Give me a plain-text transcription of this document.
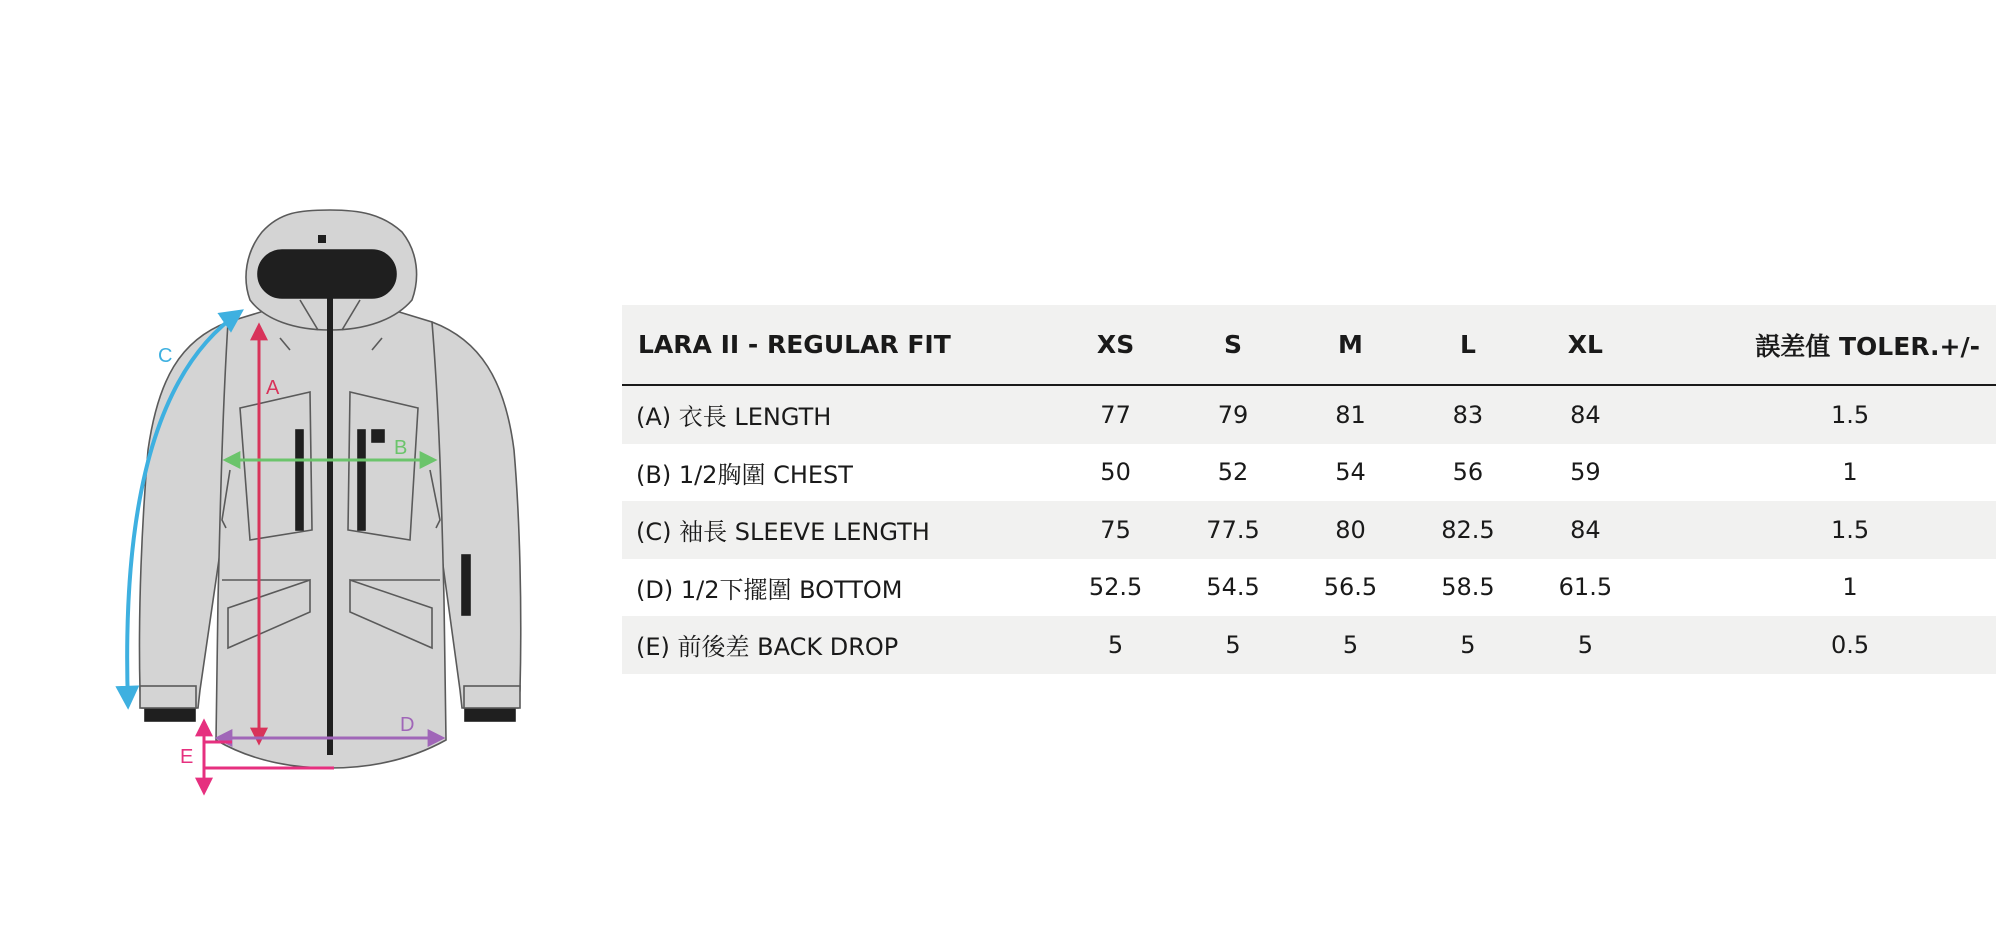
C
A
B
D
E
LARA II - REGULAR FIT	XS	S	M	L	XL	誤差值 TOLER.+/-
(A) 衣長 LENGTH	77	79	81	83	84	1.5
(B) 1/2胸圍 CHEST	50	52	54	56	59	1
(C) 袖長 SLEEVE LENGTH	75	77.5	80	82.5	84	1.5
(D) 1/2下擺圍 BOTTOM	52.5	54.5	56.5	58.5	61.5	1
(E) 前後差 BACK DROP	5	5	5	5	5	0.5
